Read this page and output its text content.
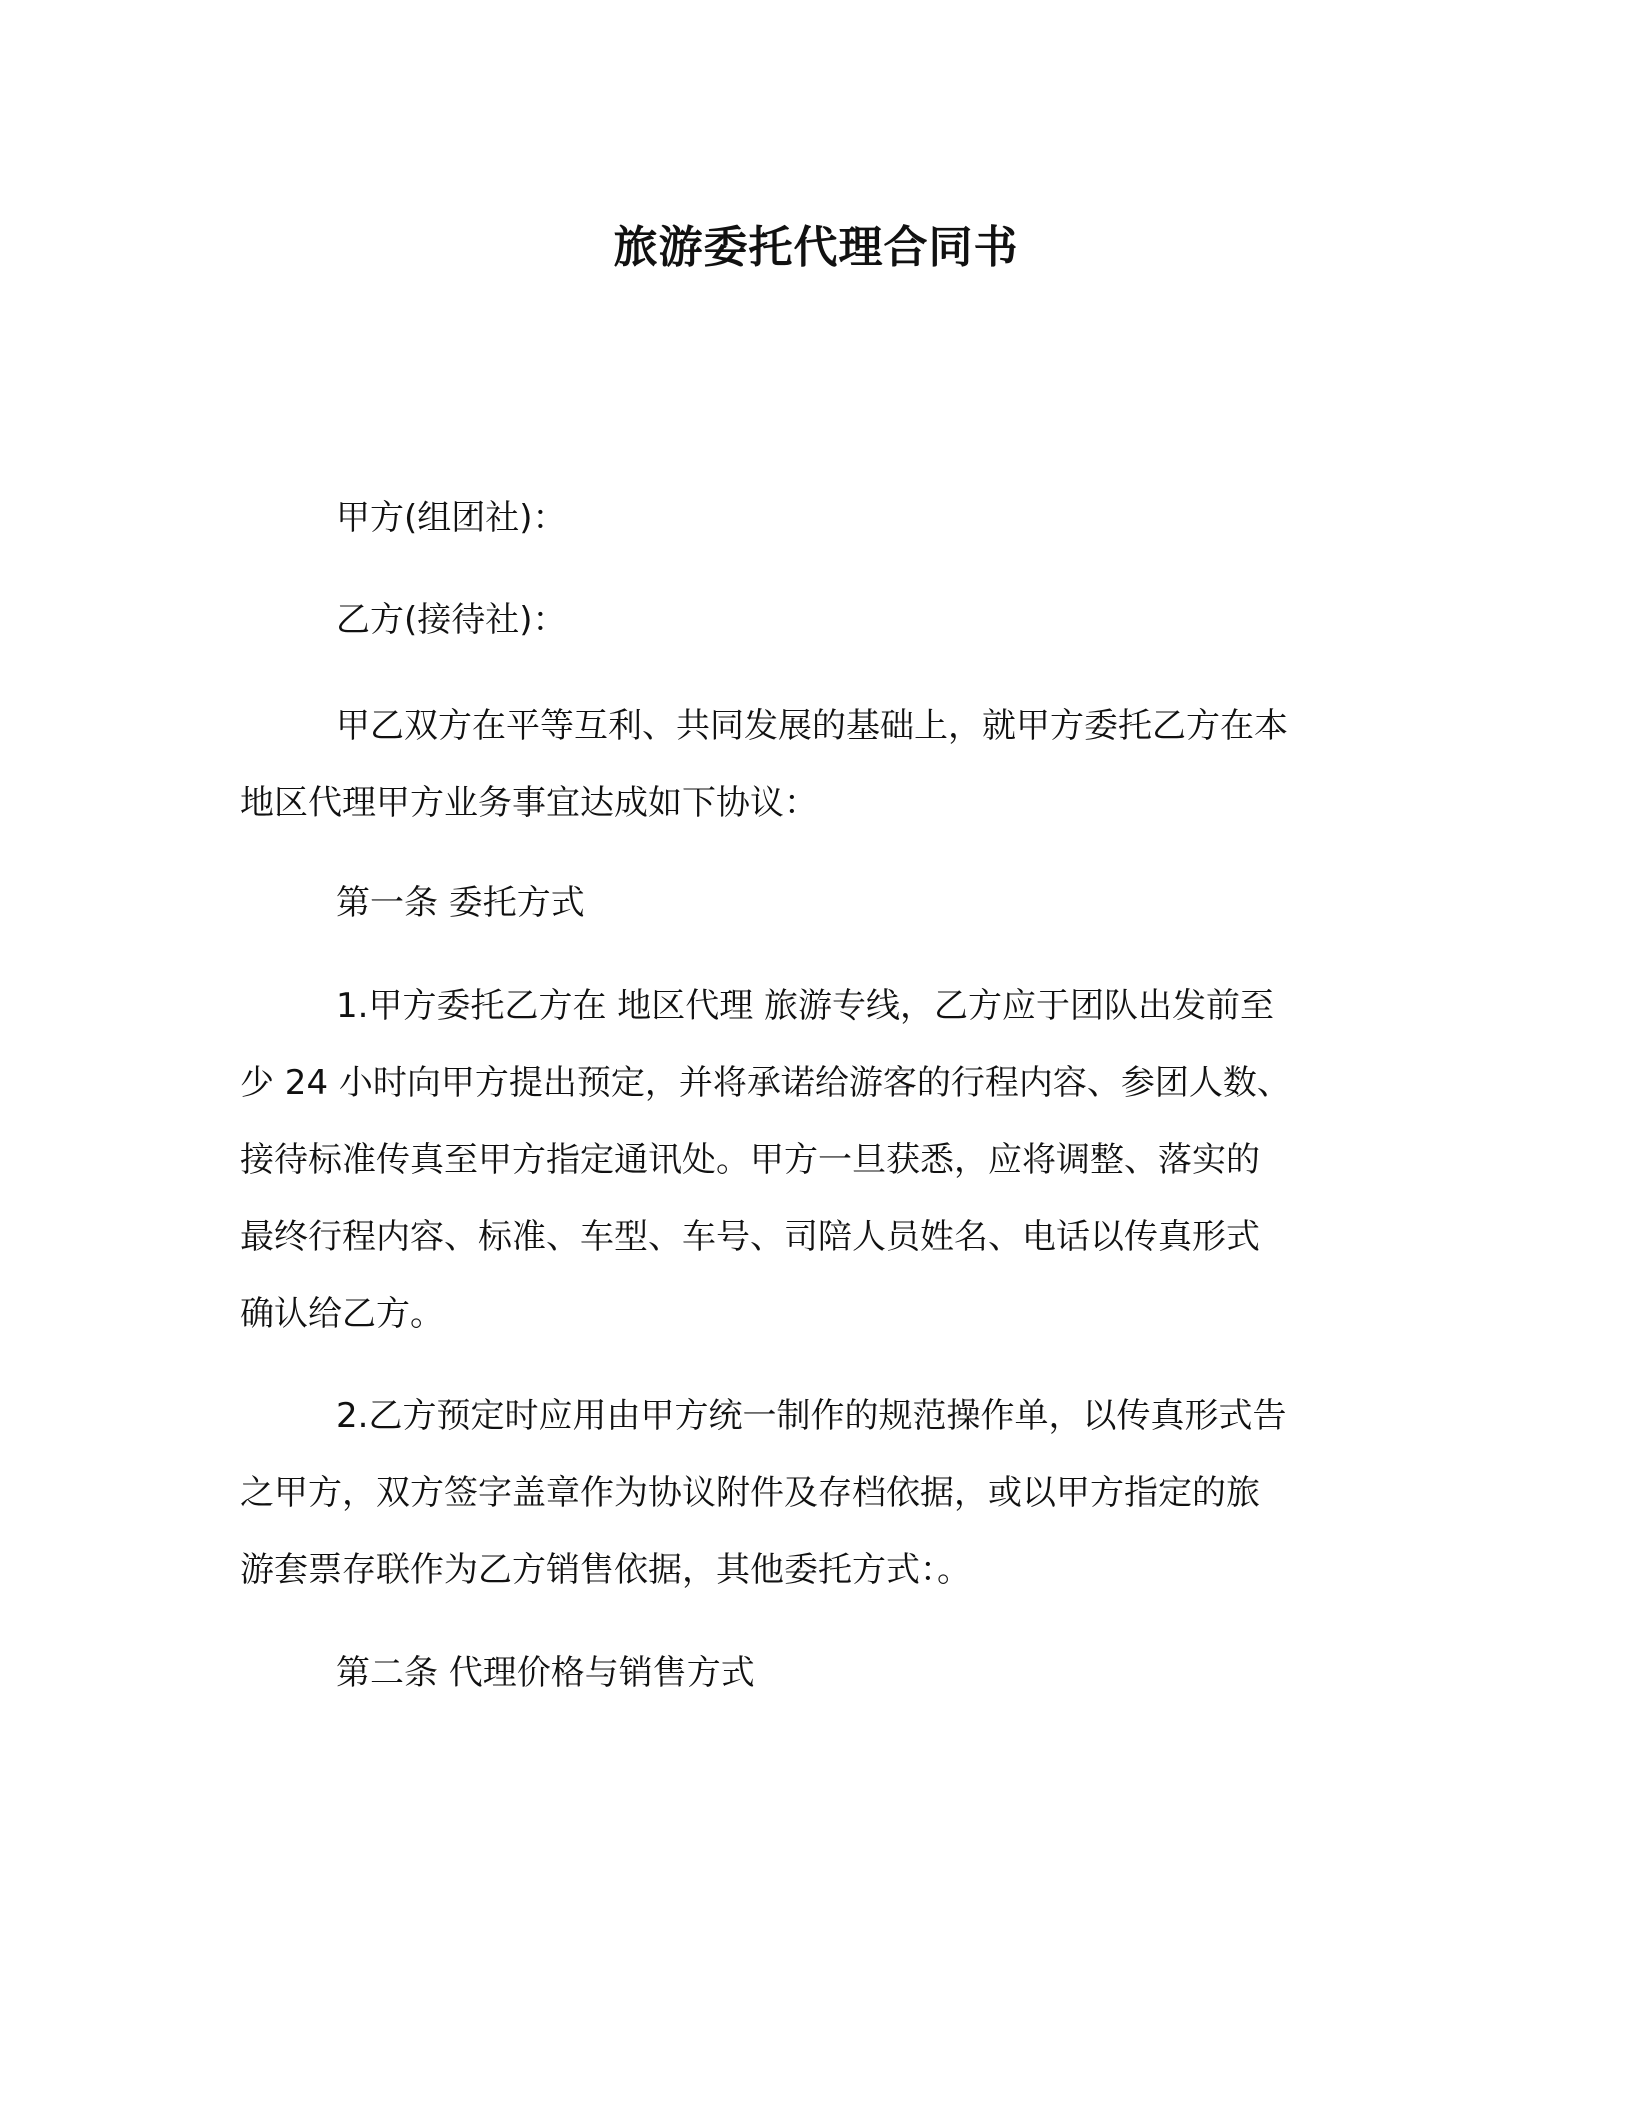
旅游委托代理合同书
甲方(组团社)：
乙方(接待社)：
甲乙双方在平等互利、共同发展的基础上，就甲方委托乙方在本
地区代理甲方业务事宜达成如下协议：
第一条 委托方式
1.甲方委托乙方在 地区代理 旅游专线，乙方应于团队出发前至
少 24 小时向甲方提出预定，并将承诺给游客的行程内容、参团人数、
接待标准传真至甲方指定通讯处。甲方一旦获悉，应将调整、落实的
最终行程内容、标准、车型、车号、司陪人员姓名、电话以传真形式
确认给乙方。
2.乙方预定时应用由甲方统一制作的规范操作单，以传真形式告
之甲方，双方签字盖章作为协议附件及存档依据，或以甲方指定的旅
游套票存联作为乙方销售依据，其他委托方式：。
第二条 代理价格与销售方式
